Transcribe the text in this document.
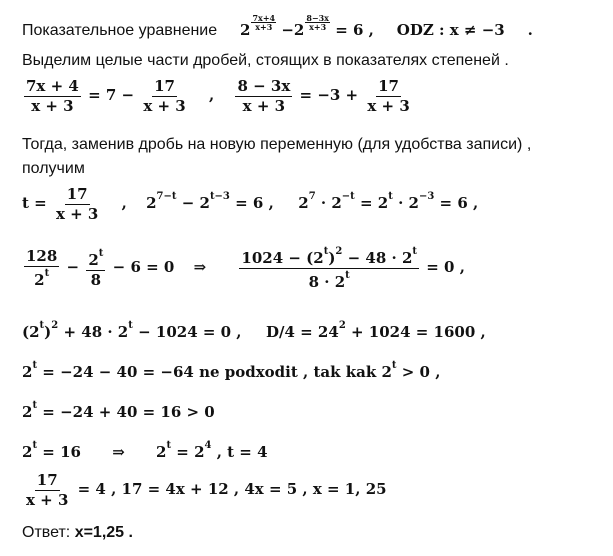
Показательное уравнение $2 \frac{7x+4}{x+3} -2 \frac{8-3x}{x+3} = 6$ , ODZ : x ≠ −3 .
Выделим целые части дробей, стоящих в показателях степеней .
$\frac{7x + 4}{x + 3} = 7 - \frac{17}{x + 3}$ , $\frac{8 - 3x}{x + 3} = -3 + \frac{17}{x + 3}$
Тогда, заменив дробь на новую переменную (для удобства записи) ,
получим
$t = \frac{17}{x + 3}$ , $2^{7-t} - 2^{t-3} = 6$ , $2^7 \cdot 2^{-t} = 2^t \cdot 2^{-3} = 6$ ,
$\frac{128}{2^t} - \frac{2^t}{8} - 6 = 0$ ⇒ $\frac{1024 - (2^t)^2 - 48 \cdot 2^t}{8 \cdot 2^t} = 0$ ,
$(2^t)^2 + 48 \cdot 2^t - 1024 = 0$ , $D/4 = 24^2 + 1024 = 1600$ ,
$2^t = -24 - 40 = -64$ ne podxodit , tak kak $2^t > 0$ ,
$2^t = -24 + 40 = 16 > 0$
$2^t = 16$ ⇒ $2^t = 2^4$ , t = 4
$\frac{17}{x + 3} = 4$ , 17 = 4x + 12 , 4x = 5 , x = 1, 25
Ответ: x=1,25 .
